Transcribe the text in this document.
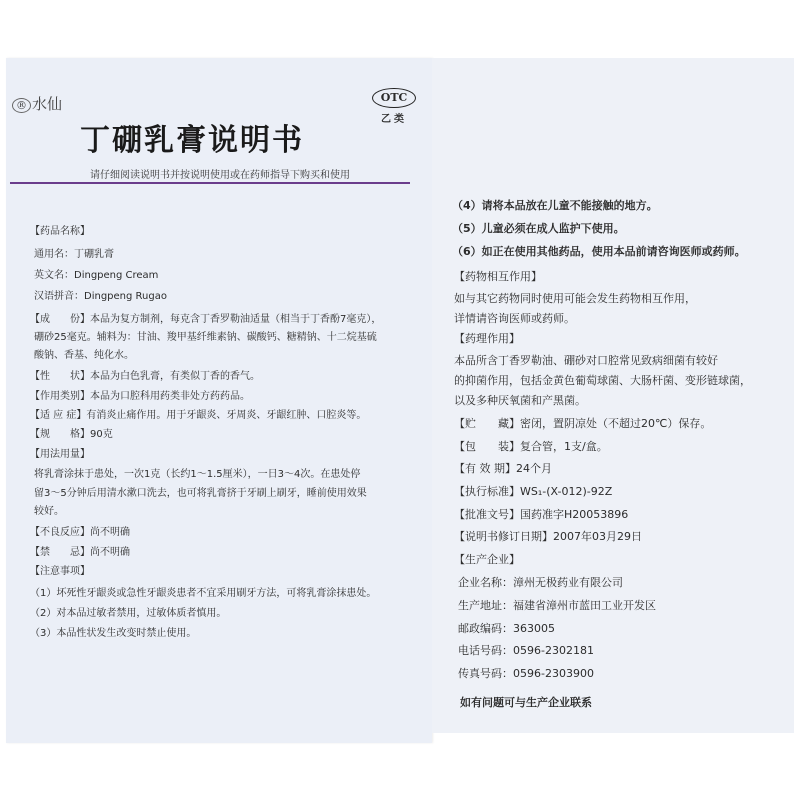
® 水仙	OTC
乙类
丁硼乳膏说明书
请仔细阅读说明书并按说明使用或在药师指导下购买和使用
【药品名称】
通用名：丁硼乳膏
英文名：Dingpeng Cream
汉语拼音：Dingpeng Rugao
【成　　份】本品为复方制剂，每克含丁香罗勒油适量（相当于丁香酚7毫克），
硼砂25毫克。辅料为：甘油、羧甲基纤维素钠、碳酸钙、糖精钠、十二烷基硫
酸钠、香基、纯化水。
【性　　状】本品为白色乳膏，有类似丁香的香气。
【作用类别】本品为口腔科用药类非处方药药品。
【适 应 症】有消炎止痛作用。用于牙龈炎、牙周炎、牙龈红肿、口腔炎等。
【规　　格】90克
【用法用量】
将乳膏涂抹于患处，一次1克（长约1～1.5厘米），一日3～4次。在患处停
留3～5分钟后用清水漱口洗去，也可将乳膏挤于牙刷上刷牙，睡前使用效果
较好。
【不良反应】尚不明确
【禁　　忌】尚不明确
【注意事项】
（1）坏死性牙龈炎或急性牙龈炎患者不宜采用刷牙方法，可将乳膏涂抹患处。
（2）对本品过敏者禁用，过敏体质者慎用。
（3）本品性状发生改变时禁止使用。
（4）请将本品放在儿童不能接触的地方。
（5）儿童必须在成人监护下使用。
（6）如正在使用其他药品，使用本品前请咨询医师或药师。
【药物相互作用】
如与其它药物同时使用可能会发生药物相互作用，
详情请咨询医师或药师。
【药理作用】
本品所含丁香罗勒油、硼砂对口腔常见致病细菌有较好
的抑菌作用，包括金黄色葡萄球菌、大肠杆菌、变形链球菌，
以及多种厌氧菌和产黑菌。
【贮　　藏】密闭，置阴凉处（不超过20℃）保存。
【包　　装】复合管，1支/盒。
【有 效 期】24个月
【执行标准】WS₁-(X-012)-92Z
【批准文号】国药准字H20053896
【说明书修订日期】2007年03月29日
【生产企业】
企业名称：漳州无极药业有限公司
生产地址：福建省漳州市蓝田工业开发区
邮政编码：363005
电话号码：0596-2302181
传真号码：0596-2303900
如有问题可与生产企业联系
